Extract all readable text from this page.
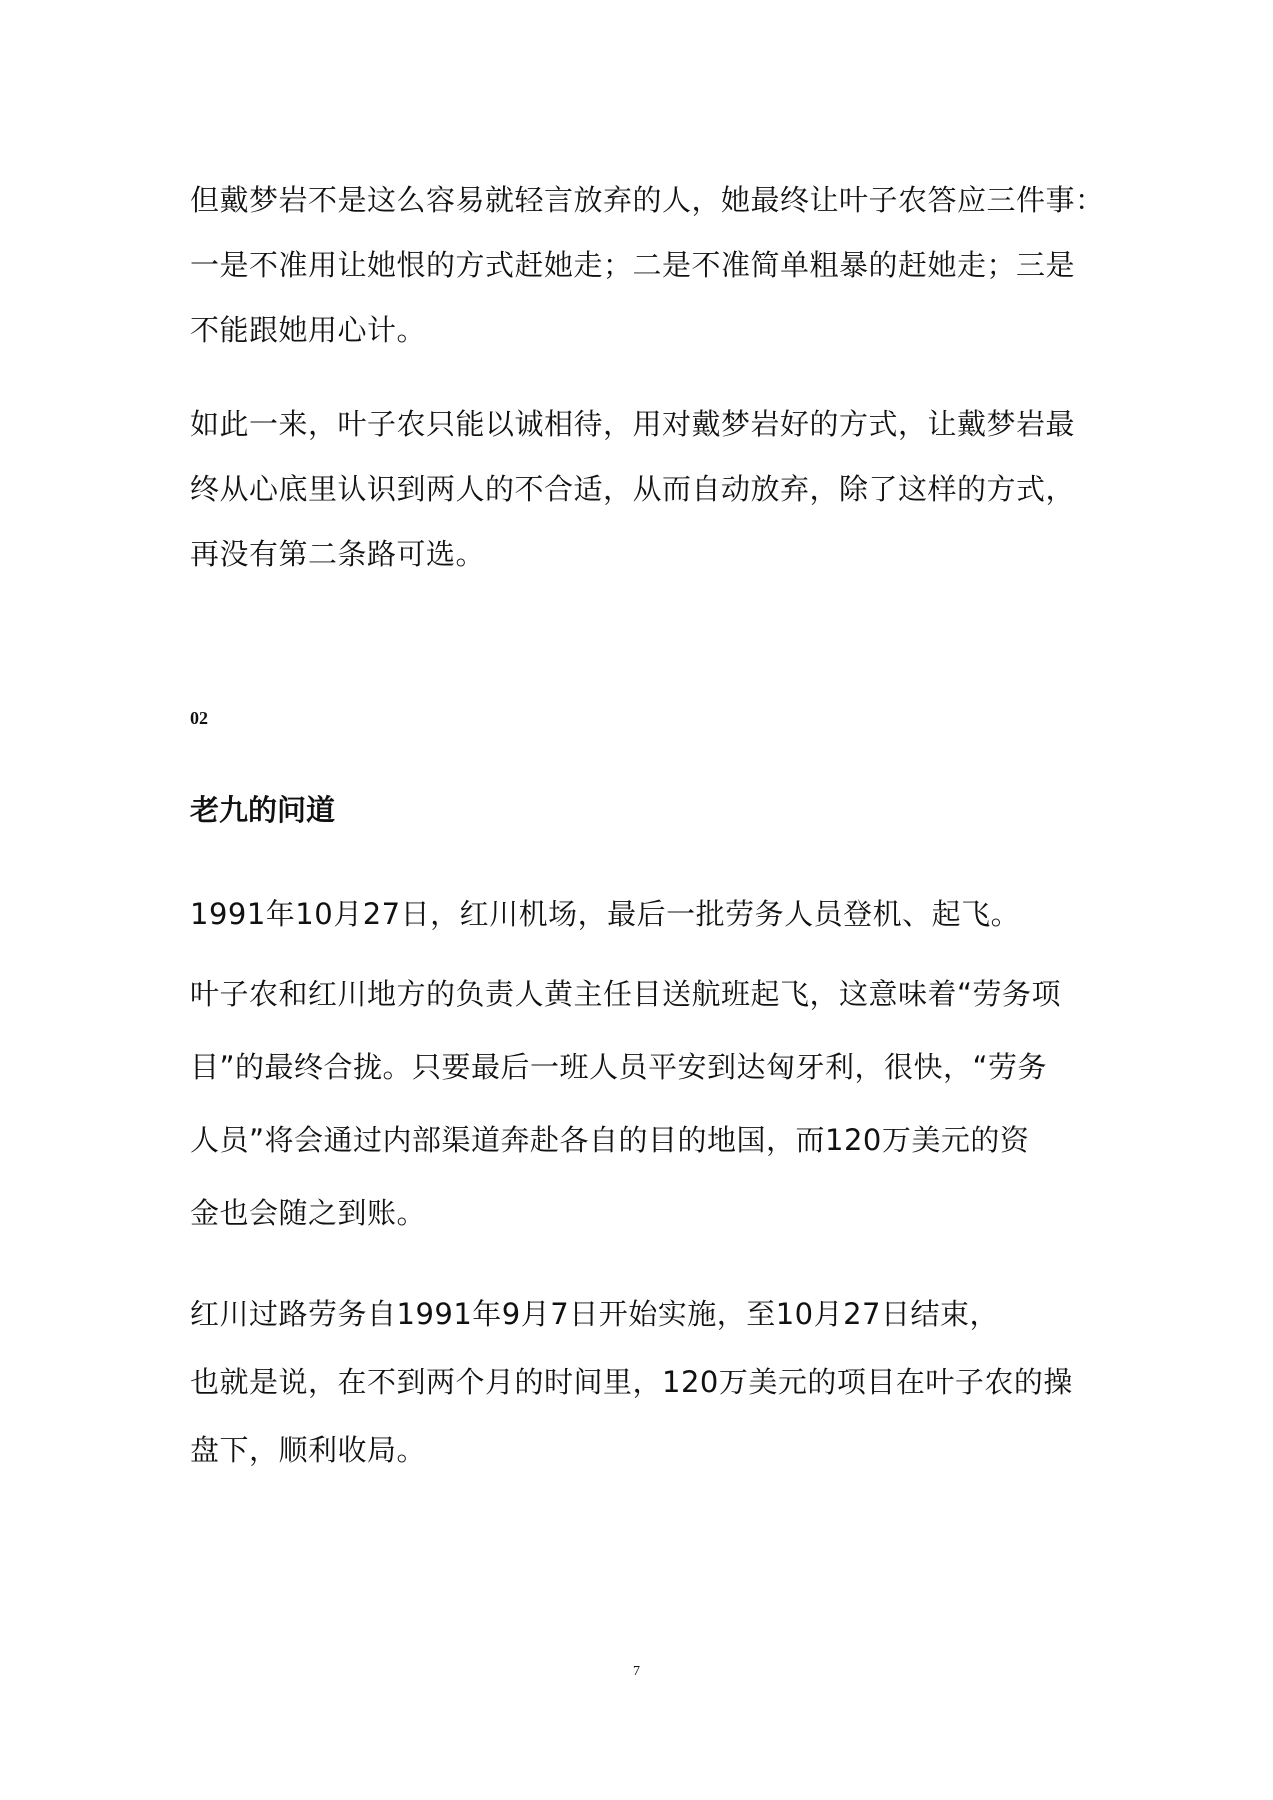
但戴梦岩不是这么容易就轻言放弃的人，她最终让叶子农答应三件事：
一是不准用让她恨的方式赶她走；二是不准简单粗暴的赶她走；三是
不能跟她用心计。
如此一来，叶子农只能以诚相待，用对戴梦岩好的方式，让戴梦岩最
终从心底里认识到两人的不合适，从而自动放弃，除了这样的方式，
再没有第二条路可选。
02
老九的问道
1991年10月27日，红川机场，最后一批劳务人员登机、起飞。
叶子农和红川地方的负责人黄主任目送航班起飞，这意味着“劳务项
目”的最终合拢。只要最后一班人员平安到达匈牙利，很快，“劳务
人员”将会通过内部渠道奔赴各自的目的地国，而120万美元的资
金也会随之到账。
红川过路劳务自1991年9月7日开始实施，至10月27日结束，
也就是说，在不到两个月的时间里，120万美元的项目在叶子农的操
盘下，顺利收局。
7
